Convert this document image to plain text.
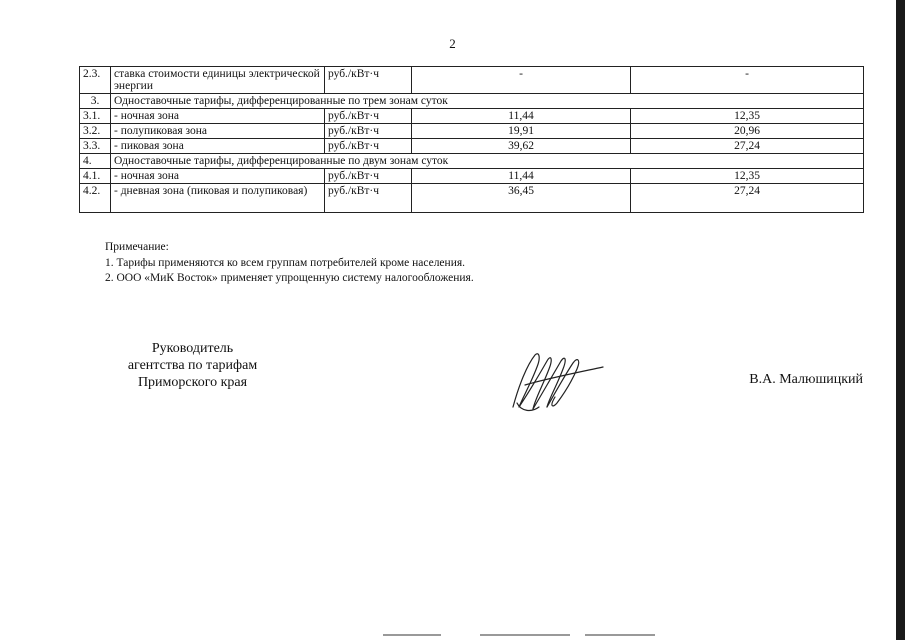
2
2.3.	ставка стоимости единицы электрической энергии	руб./кВт·ч	-	-
3.	Одноставочные тарифы, дифференцированные по трем зонам суток			
3.1.	- ночная зона	руб./кВт·ч	11,44	12,35
3.2.	- полупиковая зона	руб./кВт·ч	19,91	20,96
3.3.	- пиковая зона	руб./кВт·ч	39,62	27,24
4.	Одноставочные тарифы, дифференцированные по двум зонам суток			
4.1.	- ночная зона	руб./кВт·ч	11,44	12,35
4.2.	- дневная зона (пиковая и полупиковая)	руб./кВт·ч	36,45	27,24
Примечание:
1. Тарифы применяются ко всем группам потребителей кроме населения.
2. ООО «МиК Восток» применяет упрощенную систему налогообложения.
Руководитель
агентства по тарифам
Приморского края	В.А. Малюшицкий
